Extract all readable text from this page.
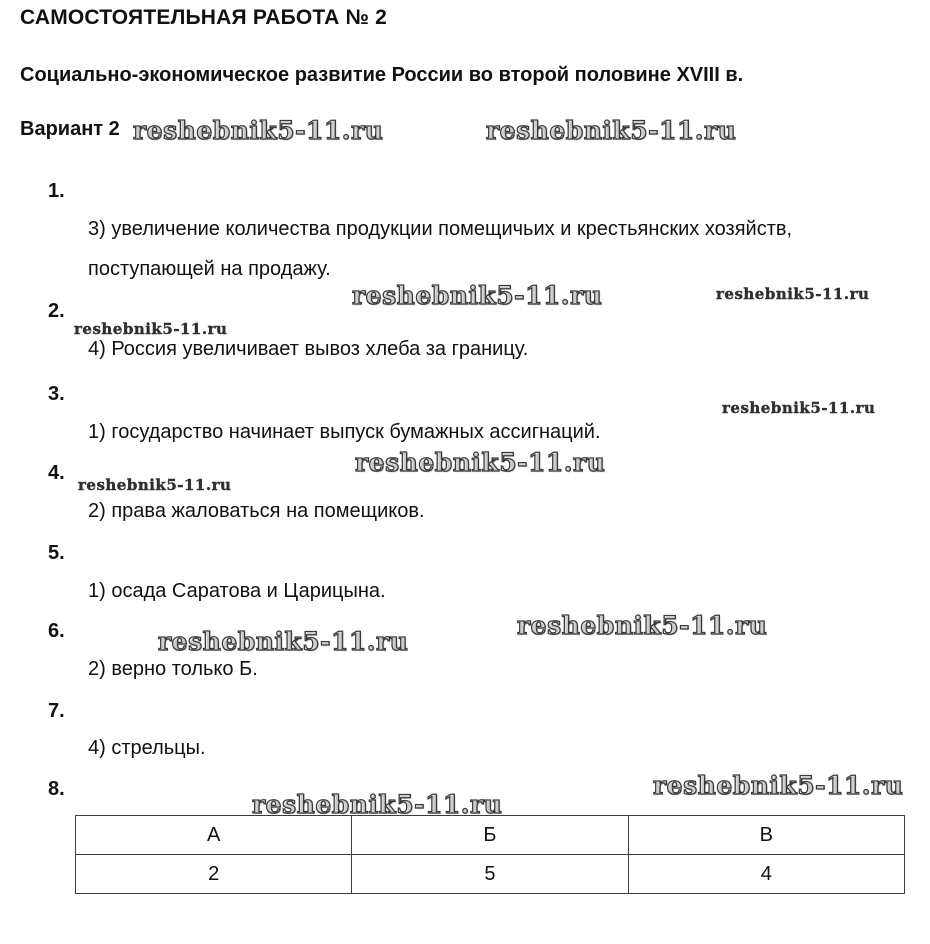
САМОСТОЯТЕЛЬНАЯ РАБОТА № 2
Социально-экономическое развитие России во второй половине XVIII в.
Вариант 2
1.
3) увеличение количества продукции помещичьих и крестьянских хозяйств,
поступающей на продажу.
2.
4) Россия увеличивает вывоз хлеба за границу.
3.
1) государство начинает выпуск бумажных ассигнаций.
4.
2) права жаловаться на помещиков.
5.
1) осада Саратова и Царицына.
6.
2) верно только Б.
7.
4) стрельцы.
8.
А	Б	В
2	5	4
reshebnik5-11.ru	reshebnik5-11.ru
reshebnik5-11.ru	reshebnik5-11.ru
reshebnik5-11.ru
reshebnik5-11.ru
reshebnik5-11.ru
reshebnik5-11.ru
reshebnik5-11.ru
reshebnik5-11.ru
reshebnik5-11.ru
reshebnik5-11.ru
